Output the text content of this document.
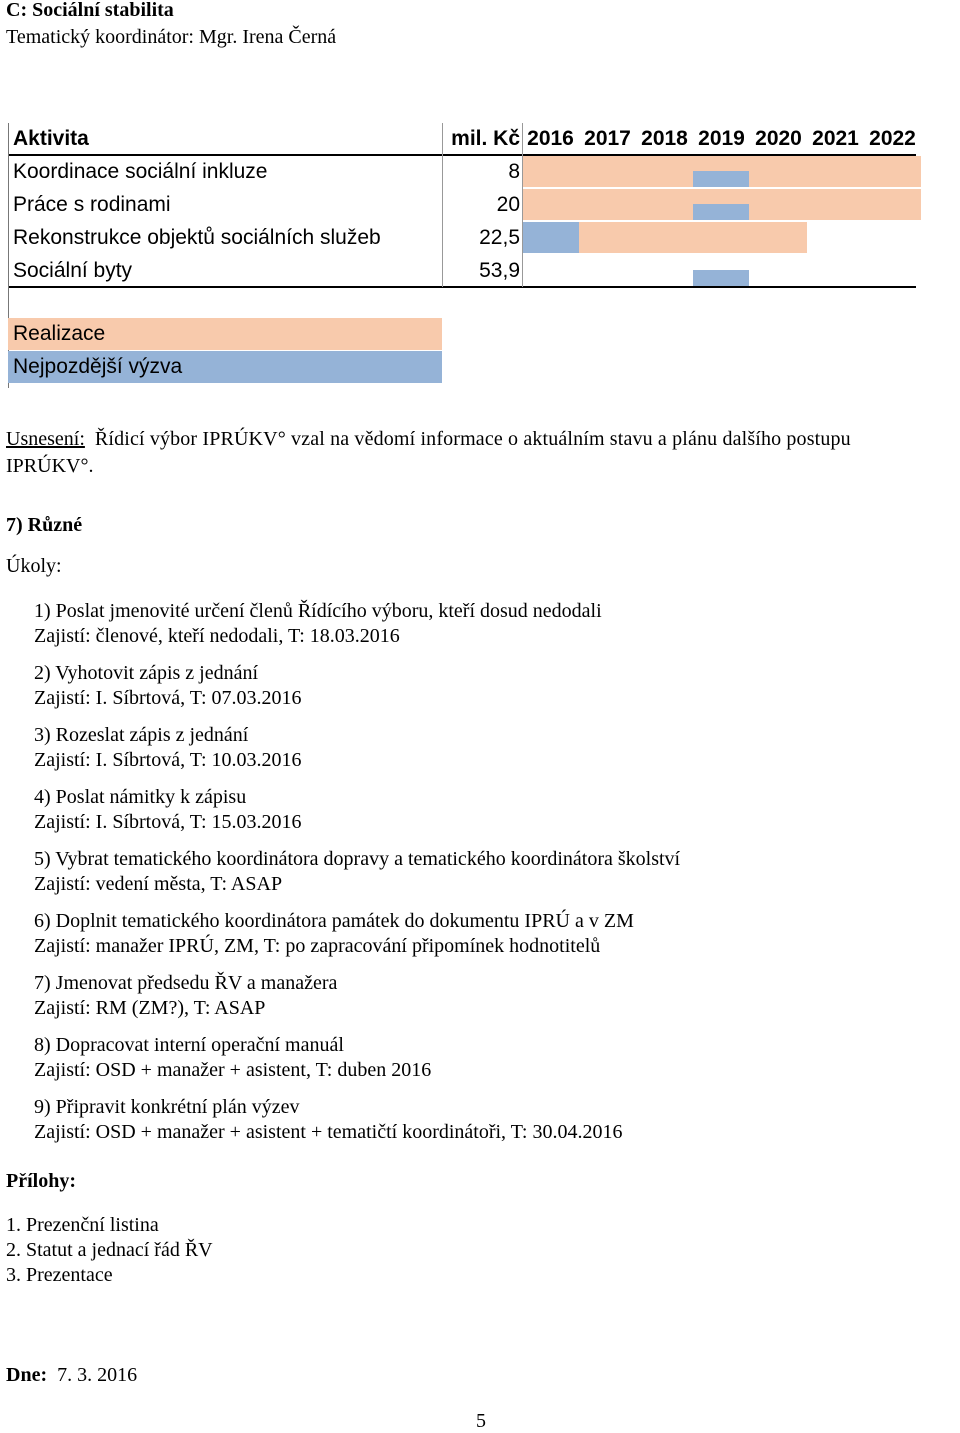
C: Sociální stabilita
Tematický koordinátor: Mgr. Irena Černá
Aktivita	mil. Kč 2016 2017 2018 2019 2020 2021 2022
Koordinace sociální inkluze	8
Práce s rodinami	20
Rekonstrukce objektů sociálních služeb	22,5
Sociální byty	53,9
Realizace
Nejpozdější výzva
Usnesení: Řídicí výbor IPRÚKV° vzal na vědomí informace o aktuálním stavu a plánu dalšího postupu
IPRÚKV°.
7) Různé
Úkoly:
1) Poslat jmenovité určení členů Řídícího výboru, kteří dosud nedodali
Zajistí: členové, kteří nedodali, T: 18.03.2016
2) Vyhotovit zápis z jednání
Zajistí: I. Síbrtová, T: 07.03.2016
3) Rozeslat zápis z jednání
Zajistí: I. Síbrtová, T: 10.03.2016
4) Poslat námitky k zápisu
Zajistí: I. Síbrtová, T: 15.03.2016
5) Vybrat tematického koordinátora dopravy a tematického koordinátora školství
Zajistí: vedení města, T: ASAP
6) Doplnit tematického koordinátora památek do dokumentu IPRÚ a v ZM
Zajistí: manažer IPRÚ, ZM, T: po zapracování připomínek hodnotitelů
7) Jmenovat předsedu ŘV a manažera
Zajistí: RM (ZM?), T: ASAP
8) Dopracovat interní operační manuál
Zajistí: OSD + manažer + asistent, T: duben 2016
9) Připravit konkrétní plán výzev
Zajistí: OSD + manažer + asistent + tematičtí koordinátoři, T: 30.04.2016
Přílohy:
1. Prezenční listina
2. Statut a jednací řád ŘV
3. Prezentace
Dne: 7. 3. 2016
5
